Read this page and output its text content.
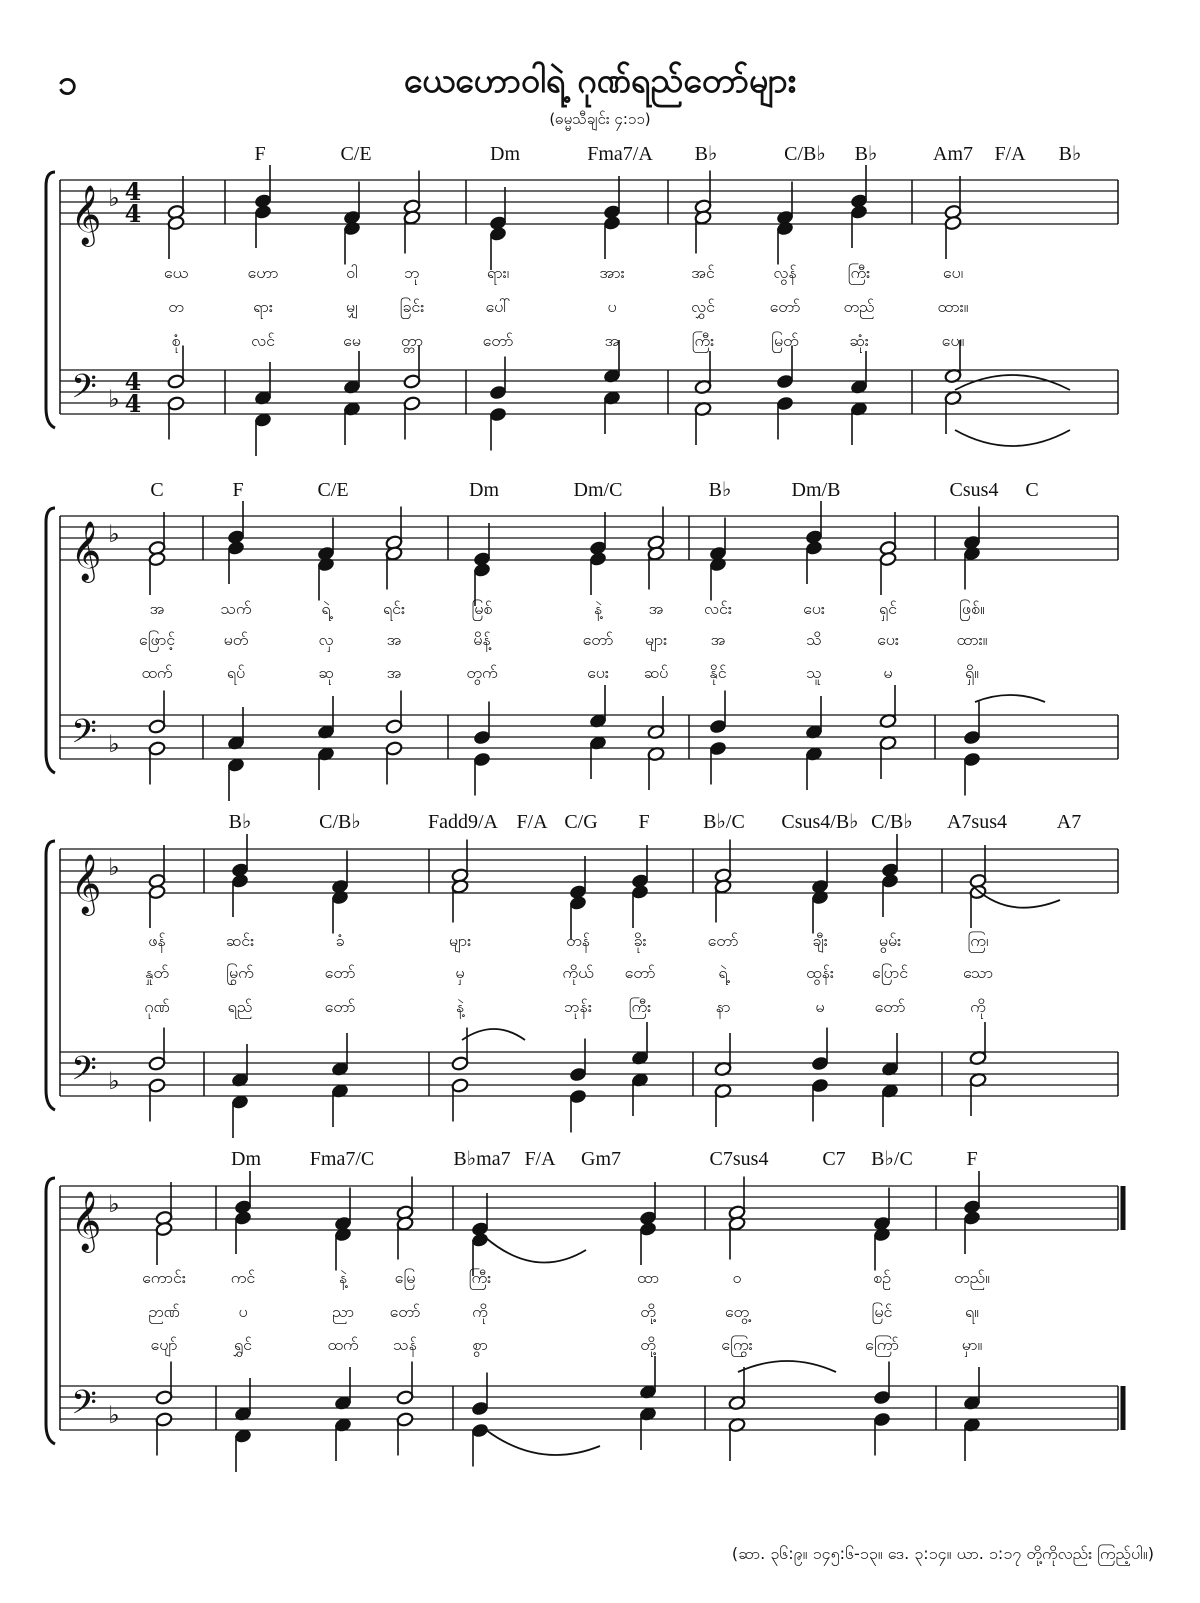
၁	ယေဟောဝါရဲ့ ဂုဏ်ရည်တော်များ
(ဓမ္မသီချင်း ၄:၁၁)
𝄞
𝄢
♭
♭
4
4
4
4
F	C/E	Dm	Fma7/A B♭	C/B♭ B♭	Am7 F/A B♭
ယေ	ဟော	ဝါ	ဘု	ရား၊	အား	အင်	လွန်	ကြီး	ပေ၊
တ	ရား	မျှ	ခြင်း	ပေါ်	ပ	လွှင်	တော်	တည်	ထား။
စုံ	လင်	မေ	တ္တာ	တော်	အ	ကြီး	မြတ်	ဆုံး	ပေ။
𝄞
𝄢
♭
♭
C	F	C/E	Dm	Dm/C	B♭	Dm/B	Csus4 C
အ	သက်	ရဲ့	ရင်း	မြစ်	နဲ့	အ	လင်း	ပေး	ရှင်	ဖြစ်။
ဖြောင့်	မတ်	လှ	အ	မိန့်	တော် များ	အ	သိ	ပေး	ထား။
ထက်	ရပ်	ဆု	အ	တွက်	ပေး ဆပ်	နိုင်	သူ	မ	ရှိ။
𝄞
𝄢
♭
♭
B♭	C/B♭	Fadd9/A F/A C/G F	B♭/C Csus4/B♭ C/B♭ A7sus4 A7
ဖန်	ဆင်း	ခံ	များ	တန်	ခိုး	တော်	ချီး	မွမ်း	ကြ၊
နှုတ်	မြွက်	တော်	မှ	ကိုယ် တော်	ရဲ့	ထွန်း ပြောင်	သော
ဂုဏ်	ရည်	တော်	နဲ့	ဘုန်း ကြီး	နာ	မ	တော်	ကို
𝄞
𝄢
♭
♭
Dm Fma7/C	B♭ma7 F/A Gm7	C7sus4	C7 B♭/C	F
ကောင်း	ကင်	နဲ့	မြေ	ကြီး	ထာ	ဝ	စဉ်	တည်။
ဉာဏ်	ပ	ညာ တော်	ကို	တို့	တွေ့	မြင်	ရ။
ပျော်	ရွှင်	ထက် သန်	စွာ	တို့	ကြွေး	ကြော်	မှာ။
(ဆာ. ၃၆:၉။ ၁၄၅:၆-၁၃။ ဒေ. ၃:၁၄။ ယာ. ၁:၁၇ တို့ကိုလည်း ကြည့်ပါ။)
